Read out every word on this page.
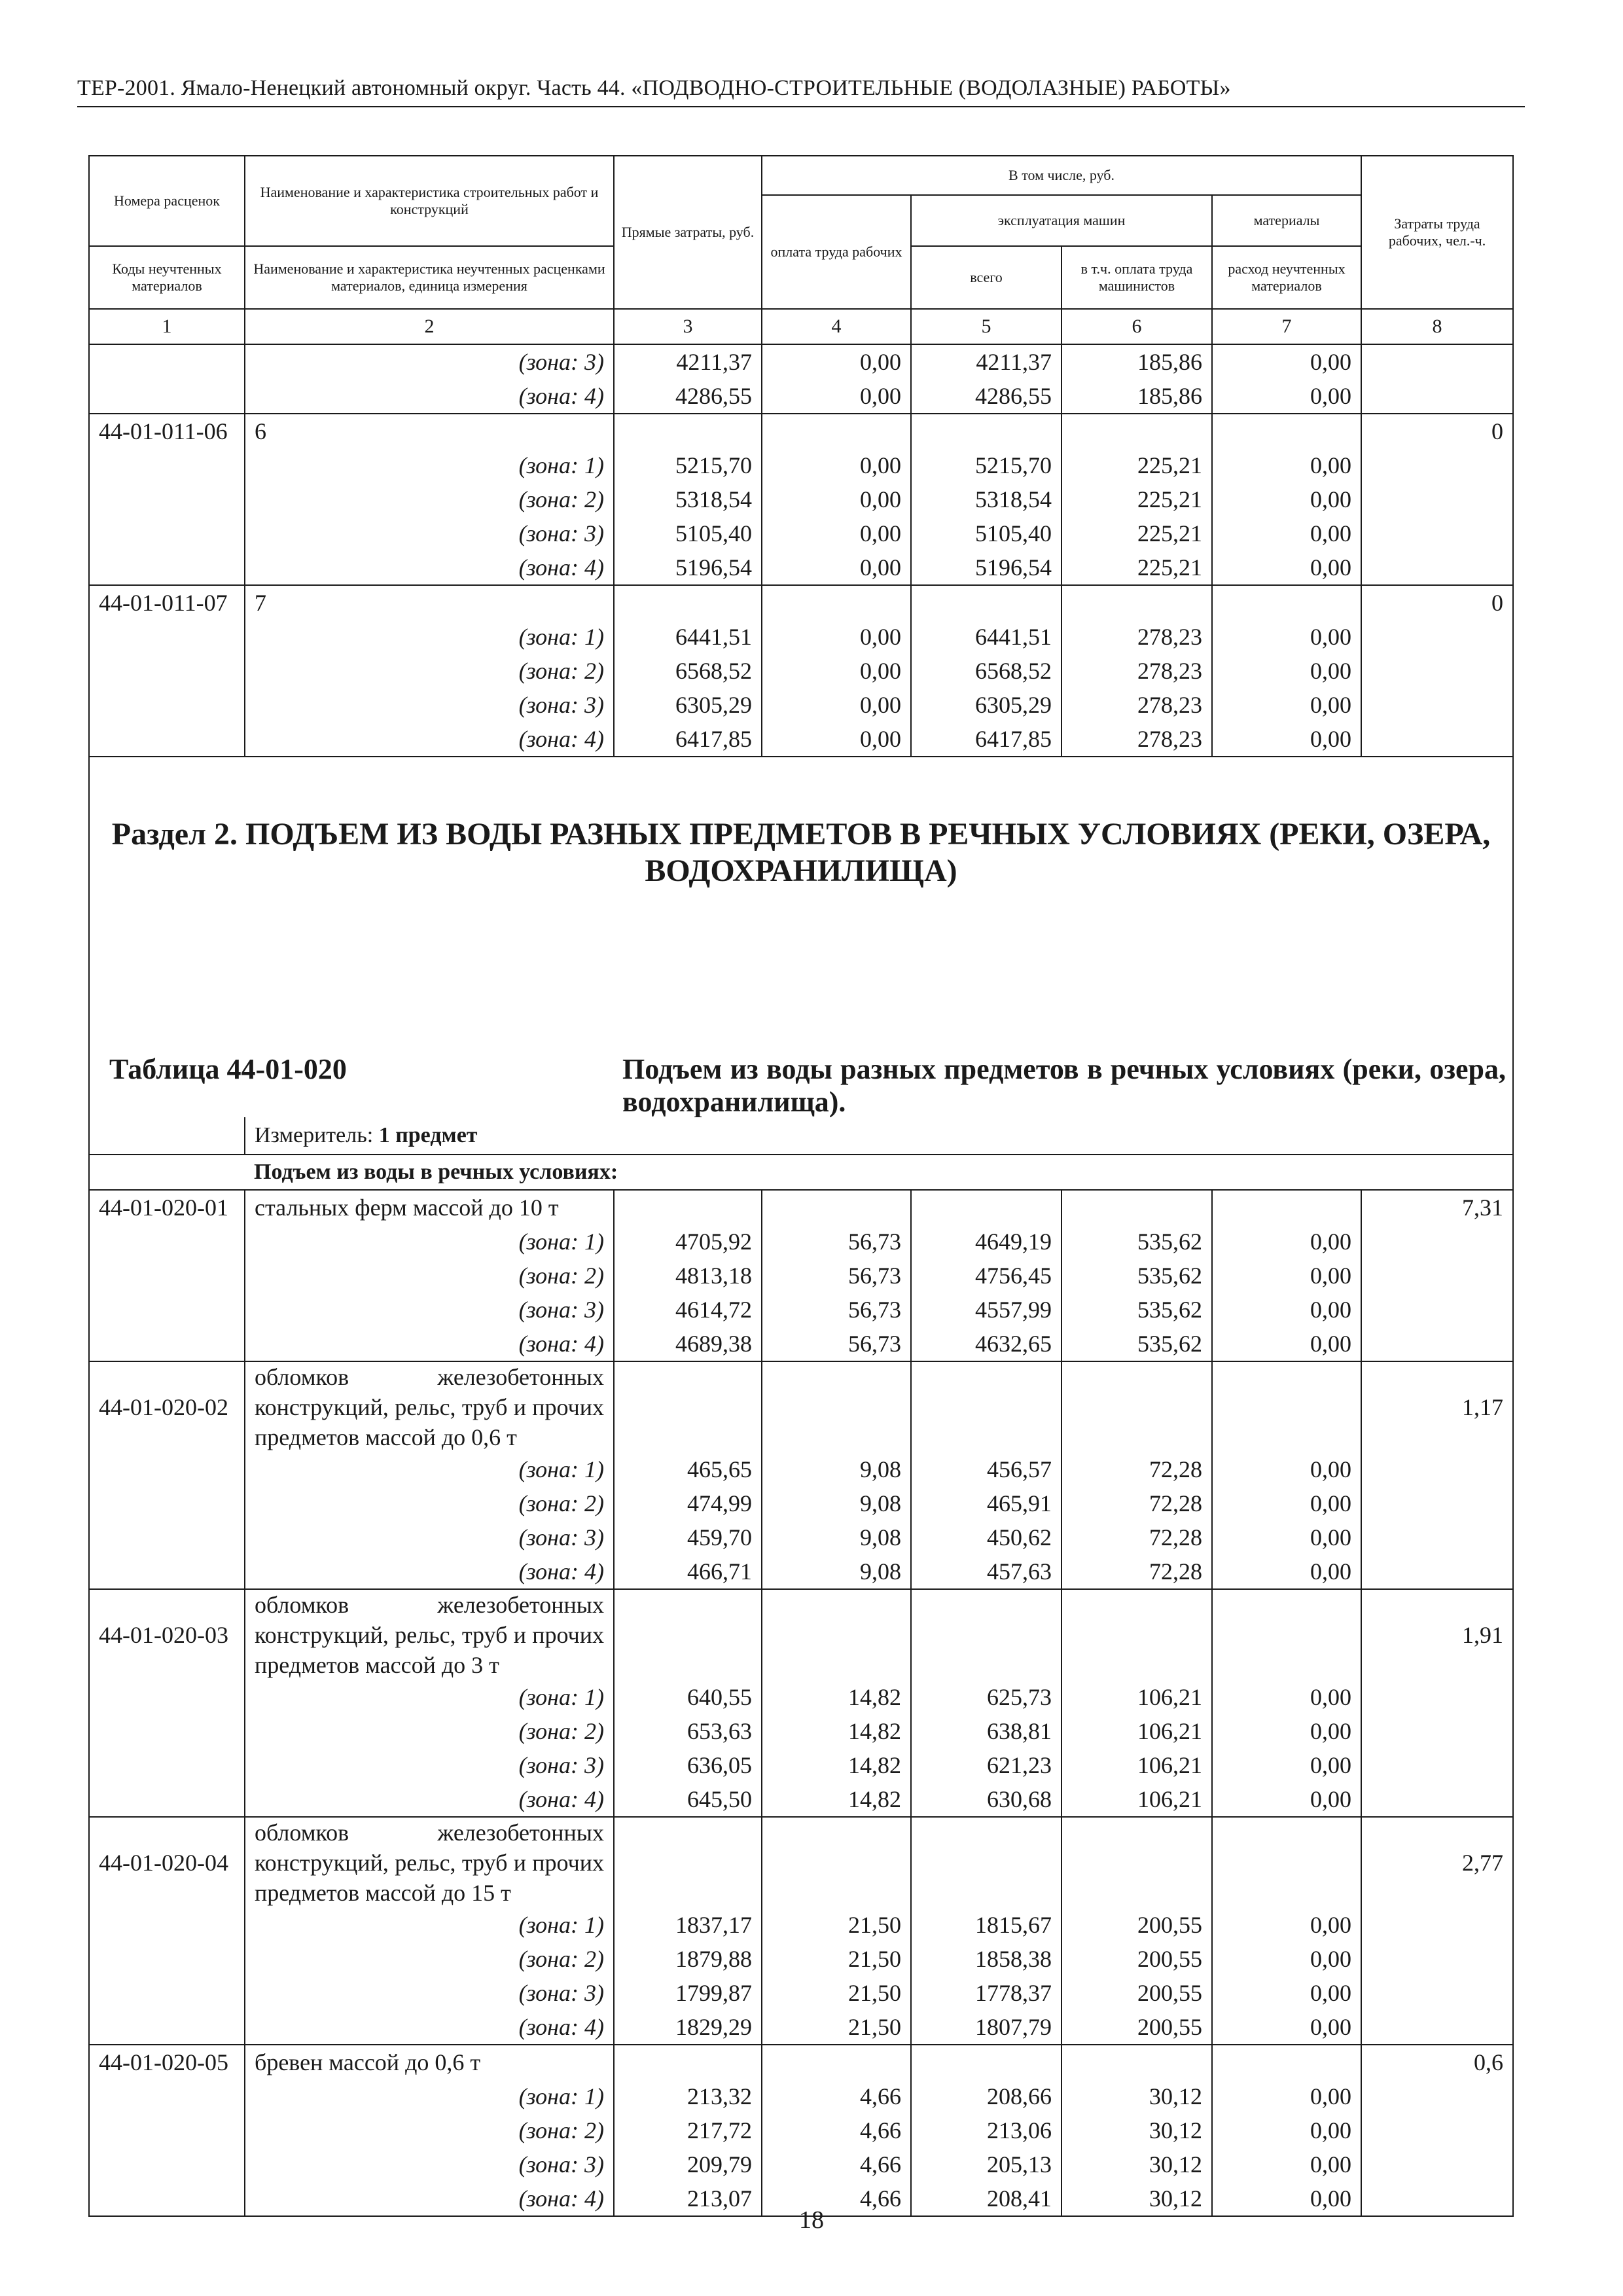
ТЕР-2001. Ямало-Ненецкий автономный округ. Часть 44. «ПОДВОДНО-СТРОИТЕЛЬНЫЕ (ВОДОЛАЗНЫЕ) РАБОТЫ»
Номера расценок	Наименование и характеристика строительных работ и конструкций	Прямые затраты, руб.	В том числе, руб.				Затраты труда рабочих, чел.-ч.
			оплата труда рабочих	эксплуатация машин		материалы	
Коды неучтенных материалов	Наименование и характеристика неучтенных расценками материалов, единица измерения			всего	в т.ч. оплата труда машинистов	расход неучтенных материалов	
1	2	3	4	5	6	7	8
	(зона: 3)	4211,37	0,00	4211,37	185,86	0,00	
	(зона: 4)	4286,55	0,00	4286,55	185,86	0,00	
44-01-011-06	6						0
	(зона: 1)	5215,70	0,00	5215,70	225,21	0,00	
	(зона: 2)	5318,54	0,00	5318,54	225,21	0,00	
	(зона: 3)	5105,40	0,00	5105,40	225,21	0,00	
	(зона: 4)	5196,54	0,00	5196,54	225,21	0,00	
44-01-011-07	7						0
	(зона: 1)	6441,51	0,00	6441,51	278,23	0,00	
	(зона: 2)	6568,52	0,00	6568,52	278,23	0,00	
	(зона: 3)	6305,29	0,00	6305,29	278,23	0,00	
	(зона: 4)	6417,85	0,00	6417,85	278,23	0,00	
Раздел 2. ПОДЪЕМ ИЗ ВОДЫ РАЗНЫХ ПРЕДМЕТОВ В РЕЧНЫХ УСЛОВИЯХ (РЕКИ, ОЗЕРА, ВОДОХРАНИЛИЩА)							

Таблица 44-01-020 Подъем из воды разных предметов в речных условиях (реки, озера, водохранилища).							

	Измеритель: 1 предмет						
	Подъем из воды в речных условиях:						
44-01-020-01	стальных ферм массой до 10 т						7,31
	(зона: 1)	4705,92	56,73	4649,19	535,62	0,00	
	(зона: 2)	4813,18	56,73	4756,45	535,62	0,00	
	(зона: 3)	4614,72	56,73	4557,99	535,62	0,00	
	(зона: 4)	4689,38	56,73	4632,65	535,62	0,00	
44-01-020-02	обломков железобетонных конструкций, рельс, труб и прочих предметов массой до 0,6 т						1,17
	(зона: 1)	465,65	9,08	456,57	72,28	0,00	
	(зона: 2)	474,99	9,08	465,91	72,28	0,00	
	(зона: 3)	459,70	9,08	450,62	72,28	0,00	
	(зона: 4)	466,71	9,08	457,63	72,28	0,00	
44-01-020-03	обломков железобетонных конструкций, рельс, труб и прочих предметов массой до 3 т						1,91
	(зона: 1)	640,55	14,82	625,73	106,21	0,00	
	(зона: 2)	653,63	14,82	638,81	106,21	0,00	
	(зона: 3)	636,05	14,82	621,23	106,21	0,00	
	(зона: 4)	645,50	14,82	630,68	106,21	0,00	
44-01-020-04	обломков железобетонных конструкций, рельс, труб и прочих предметов массой до 15 т						2,77
	(зона: 1)	1837,17	21,50	1815,67	200,55	0,00	
	(зона: 2)	1879,88	21,50	1858,38	200,55	0,00	
	(зона: 3)	1799,87	21,50	1778,37	200,55	0,00	
	(зона: 4)	1829,29	21,50	1807,79	200,55	0,00	
44-01-020-05	бревен массой до 0,6 т						0,6
	(зона: 1)	213,32	4,66	208,66	30,12	0,00	
	(зона: 2)	217,72	4,66	213,06	30,12	0,00	
	(зона: 3)	209,79	4,66	205,13	30,12	0,00	
	(зона: 4)	213,07	4,66	208,41	30,12	0,00	
18
